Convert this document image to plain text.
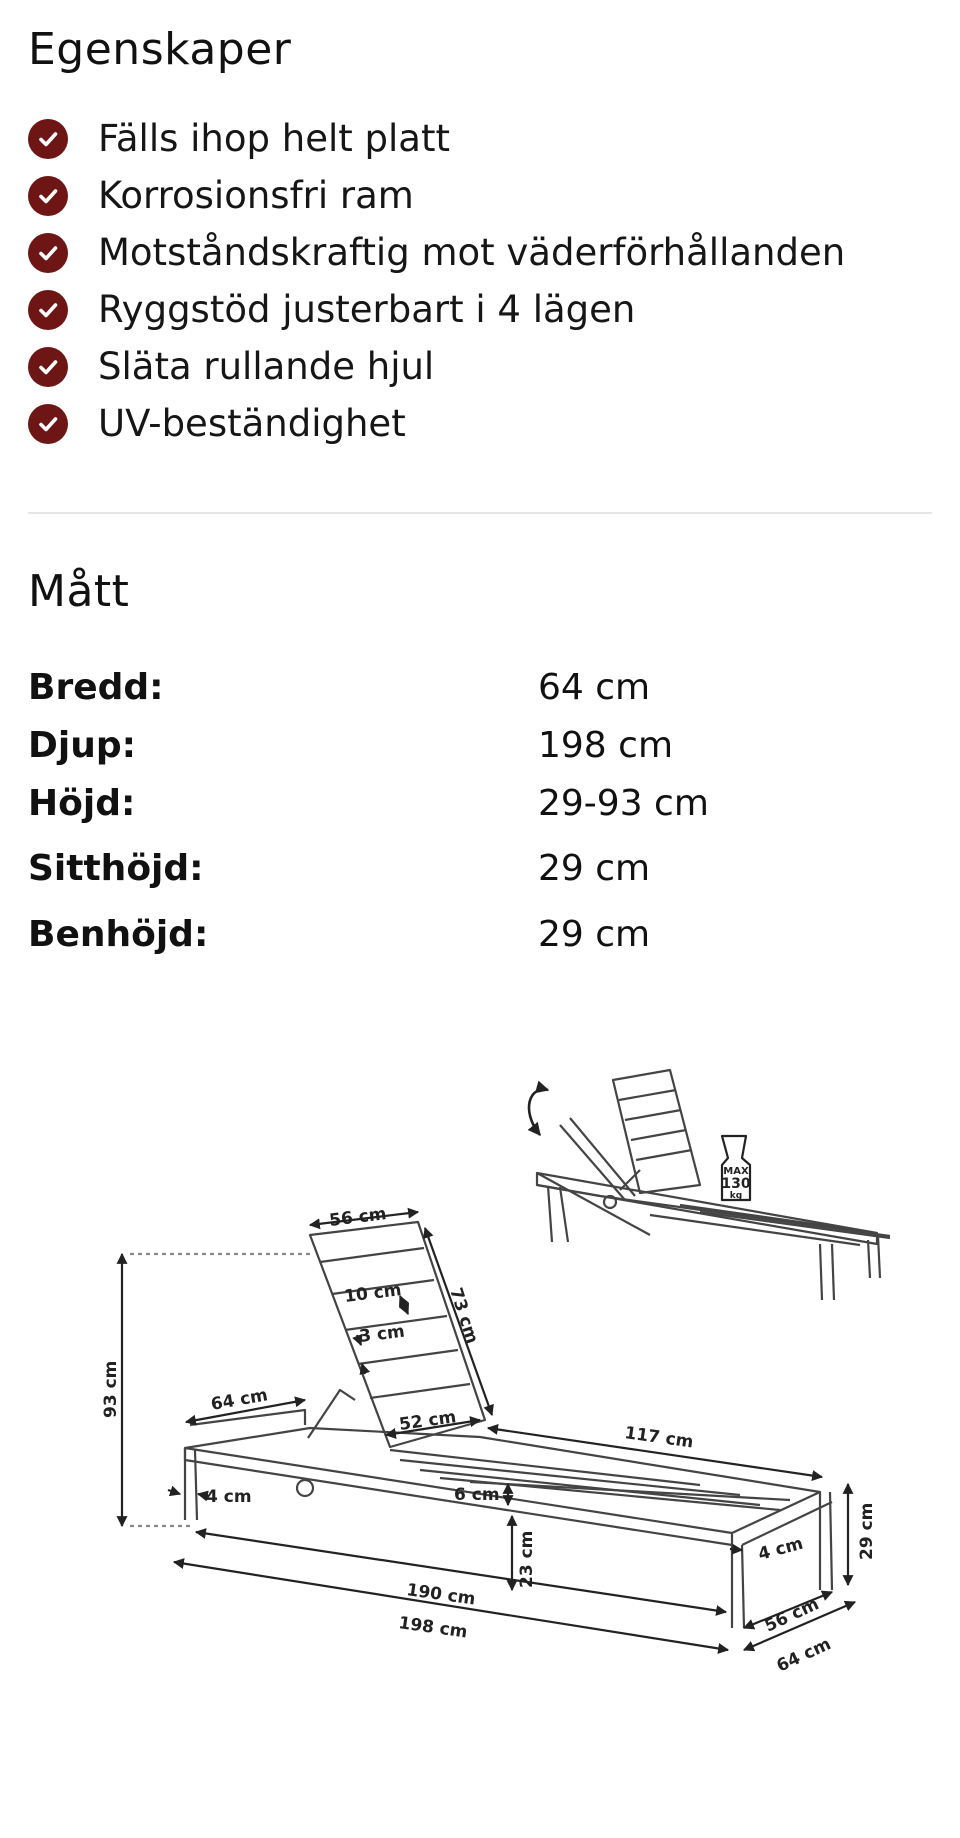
Egenskaper
Fälls ihop helt platt
Korrosionsfri ram
Motståndskraftig mot väderförhållanden
Ryggstöd justerbart i 4 lägen
Släta rullande hjul
UV-beständighet
Mått
Bredd:	64 cm
Djup:	198 cm
Höjd:	29-93 cm
Sitthöjd:	29 cm
Benhöjd:	29 cm
MAX
130
kg
56 cm
10 cm
3 cm 73 cm
93 cm	64 cm
52 cm
117 cm
4 cm	6 cm
23 cm	29 cm
4 cm
190 cm
198 cm	56 cm
64 cm
